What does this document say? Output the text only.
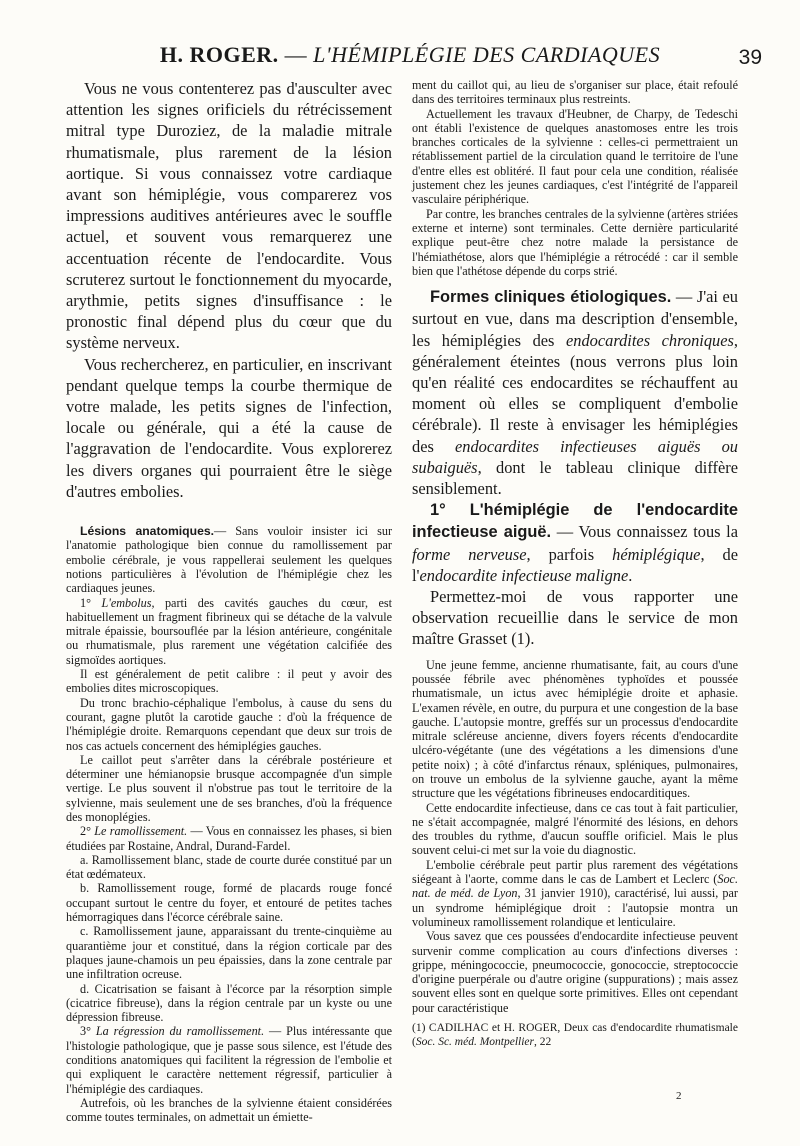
H. ROGER. — L'HÉMIPLÉGIE DES CARDIAQUES	39

Vous ne vous contenterez pas d'ausculter avec attention les signes orificiels du rétrécissement mitral type Duroziez, de la maladie mitrale rhumatismale, plus rarement de la lésion aortique. Si vous connaissez votre cardiaque avant son hémiplégie, vous comparerez vos impressions auditives antérieures avec le souffle actuel, et souvent vous remarquerez une accentuation récente de l'endocardite. Vous scruterez surtout le fonctionnement du myocarde, arythmie, petits signes d'insuffisance : le pronostic final dépend plus du cœur que du système nerveux.

Vous rechercherez, en particulier, en inscrivant pendant quelque temps la courbe thermique de votre malade, les petits signes de l'infection, locale ou générale, qui a été la cause de l'aggravation de l'endocardite. Vous explorerez les divers organes qui pourraient être le siège d'autres embolies.

Lésions anatomiques.— Sans vouloir insister ici sur l'anatomie pathologique bien connue du ramollissement par embolie cérébrale, je vous rappellerai seulement les quelques notions particulières à l'évolution de l'hémiplégie chez les cardiaques jeunes.

1° L'embolus, parti des cavités gauches du cœur, est habituellement un fragment fibrineux qui se détache de la valvule mitrale épaissie, boursouflée par la lésion antérieure, congénitale ou rhumatismale, plus rarement une végétation calcifiée des sigmoïdes aortiques.

Il est généralement de petit calibre : il peut y avoir des embolies dites microscopiques.

Du tronc brachio-céphalique l'embolus, à cause du sens du courant, gagne plutôt la carotide gauche : d'où la fréquence de l'hémiplégie droite. Remarquons cependant que deux sur trois de nos cas actuels concernent des hémiplégies gauches.

Le caillot peut s'arrêter dans la cérébrale postérieure et déterminer une hémianopsie brusque accompagnée d'un simple vertige. Le plus souvent il n'obstrue pas tout le territoire de la sylvienne, mais seulement une de ses branches, d'où la fréquence des monoplégies.

2° Le ramollissement. — Vous en connaissez les phases, si bien étudiées par Rostaine, Andral, Durand-Fardel.

a. Ramollissement blanc, stade de courte durée constitué par un état œdémateux.

b. Ramollissement rouge, formé de placards rouge foncé occupant surtout le centre du foyer, et entouré de petites taches hémorragiques dans l'écorce cérébrale saine.

c. Ramollissement jaune, apparaissant du trente-cinquième au quarantième jour et constitué, dans la région corticale par des plaques jaune-chamois un peu épaissies, dans la zone centrale par une infiltration ocreuse.

d. Cicatrisation se faisant à l'écorce par la résorption simple (cicatrice fibreuse), dans la région centrale par un kyste ou une dépression fibreuse.

3° La régression du ramollissement. — Plus intéressante que l'histologie pathologique, que je passe sous silence, est l'étude des conditions anatomiques qui facilitent la régression de l'embolie et qui expliquent le caractère nettement régressif, particulier à l'hémiplégie des cardiaques.

Autrefois, où les branches de la sylvienne étaient considérées comme toutes terminales, on admettait un émiette-

ment du caillot qui, au lieu de s'organiser sur place, était refoulé dans des territoires terminaux plus restreints.

Actuellement les travaux d'Heubner, de Charpy, de Tedeschi ont établi l'existence de quelques anastomoses entre les trois branches corticales de la sylvienne : celles-ci permettraient un rétablissement partiel de la circulation quand le territoire de l'une d'entre elles est oblitéré. Il faut pour cela une condition, réalisée justement chez les jeunes cardiaques, c'est l'intégrité de l'appareil vasculaire périphérique.

Par contre, les branches centrales de la sylvienne (artères striées externe et interne) sont terminales. Cette dernière particularité explique peut-être chez notre malade la persistance de l'hémiathétose, alors que l'hémiplégie a rétrocédé : car il semble bien que l'athétose dépende du corps strié.

Formes cliniques étiologiques. — J'ai eu surtout en vue, dans ma description d'ensemble, les hémiplégies des endocardites chroniques, généralement éteintes (nous verrons plus loin qu'en réalité ces endocardites se réchauffent au moment où elles se compliquent d'embolie cérébrale). Il reste à envisager les hémiplégies des endocardites infectieuses aiguës ou subaiguës, dont le tableau clinique diffère sensiblement.

1° L'hémiplégie de l'endocardite infectieuse aiguë. — Vous connaissez tous la forme nerveuse, parfois hémiplégique, de l'endocardite infectieuse maligne.

Permettez-moi de vous rapporter une observation recueillie dans le service de mon maître Grasset (1).

Une jeune femme, ancienne rhumatisante, fait, au cours d'une poussée fébrile avec phénomènes typhoïdes et poussée rhumatismale, un ictus avec hémiplégie droite et aphasie. L'examen révèle, en outre, du purpura et une congestion de la base gauche. L'autopsie montre, greffés sur un processus d'endocardite mitrale scléreuse ancienne, divers foyers récents d'endocardite ulcéro-végétante (une des végétations a les dimensions d'une petite noix) ; à côté d'infarctus rénaux, spléniques, pulmonaires, on trouve un embolus de la sylvienne gauche, ayant la même structure que les végétations fibrineuses endocarditiques.

Cette endocardite infectieuse, dans ce cas tout à fait particulier, ne s'était accompagnée, malgré l'énormité des lésions, en dehors des troubles du rythme, d'aucun souffle orificiel. Mais le plus souvent celui-ci met sur la voie du diagnostic.

L'embolie cérébrale peut partir plus rarement des végétations siégeant à l'aorte, comme dans le cas de Lambert et Leclerc (Soc. nat. de méd. de Lyon, 31 janvier 1910), caractérisé, lui aussi, par un syndrome hémiplégique droit : l'autopsie montra un volumineux ramollissement rolandique et lenticulaire.

Vous savez que ces poussées d'endocardite infectieuse peuvent survenir comme complication au cours d'infections diverses : grippe, méningococcie, pneumococcie, gonococcie, streptococcie d'origine puerpérale ou d'autre origine (suppurations) ; mais assez souvent elles sont en quelque sorte primitives. Elles ont cependant pour caractéristique

(1) CADILHAC et H. ROGER, Deux cas d'endocardite rhumatismale (Soc. Sc. méd. Montpellier, 22

2
